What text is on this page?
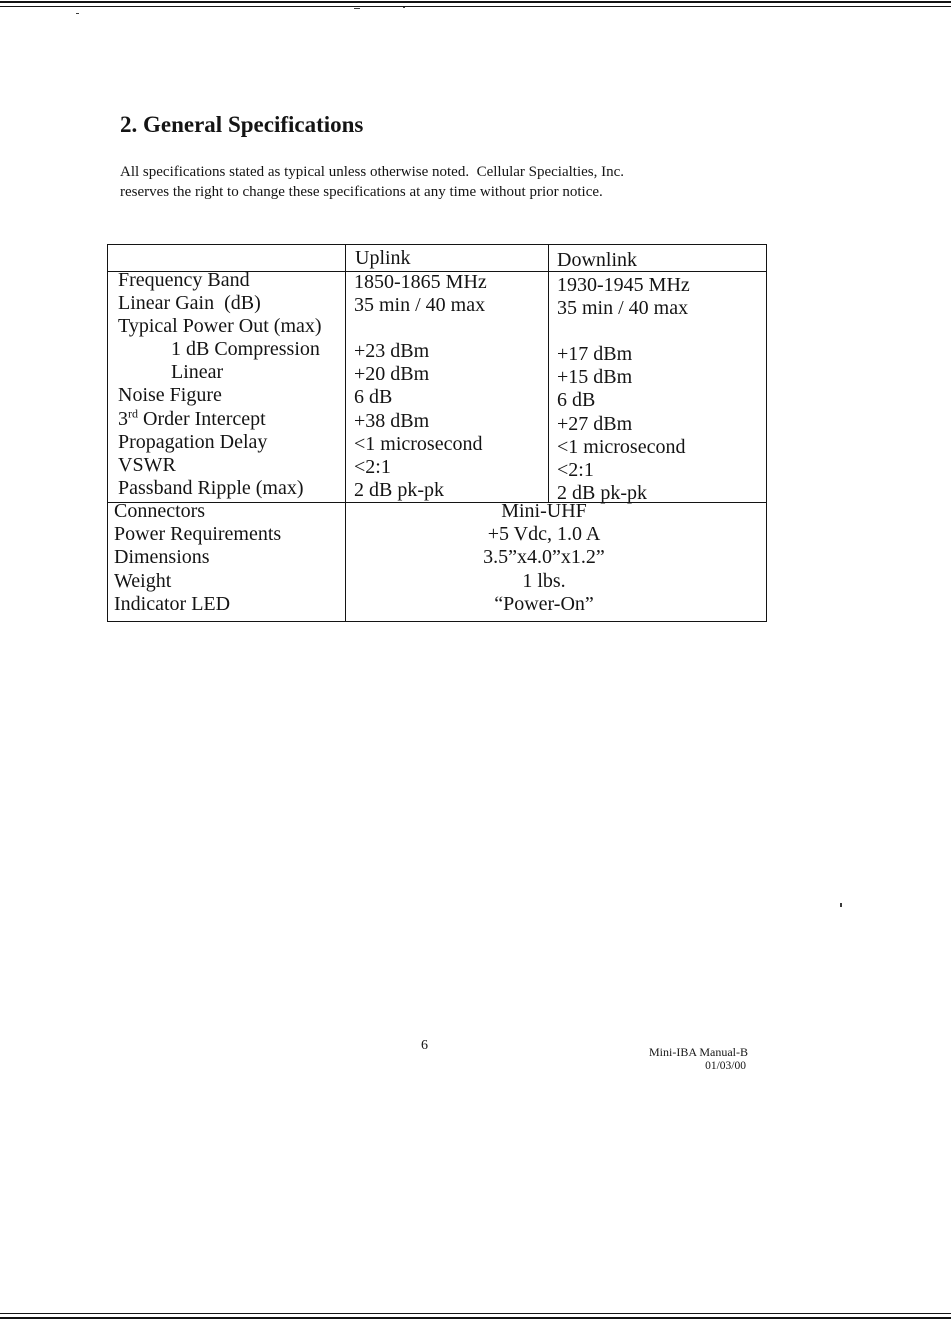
2. General Specifications
All specifications stated as typical unless otherwise noted.  Cellular Specialties, Inc.
reserves the right to change these specifications at any time without prior notice.
Uplink	Downlink
Frequency Band	1850-1865 MHz	1930-1945 MHz
Linear Gain  (dB)	35 min / 40 max	35 min / 40 max
Typical Power Out (max)
1 dB Compression	+23 dBm	+17 dBm
Linear	+20 dBm	+15 dBm
Noise Figure	6 dB	6 dB
3rd Order Intercept	+38 dBm	+27 dBm
Propagation Delay	<1 microsecond	<1 microsecond
VSWR	<2:1	<2:1
Passband Ripple (max)	2 dB pk-pk	2 dB pk-pk
Connectors	Mini-UHF
Power Requirements	+5 Vdc, 1.0 A
Dimensions	3.5”x4.0”x1.2”
Weight	1 lbs.
Indicator LED	“Power-On”
6	Mini-IBA Manual-B
01/03/00
